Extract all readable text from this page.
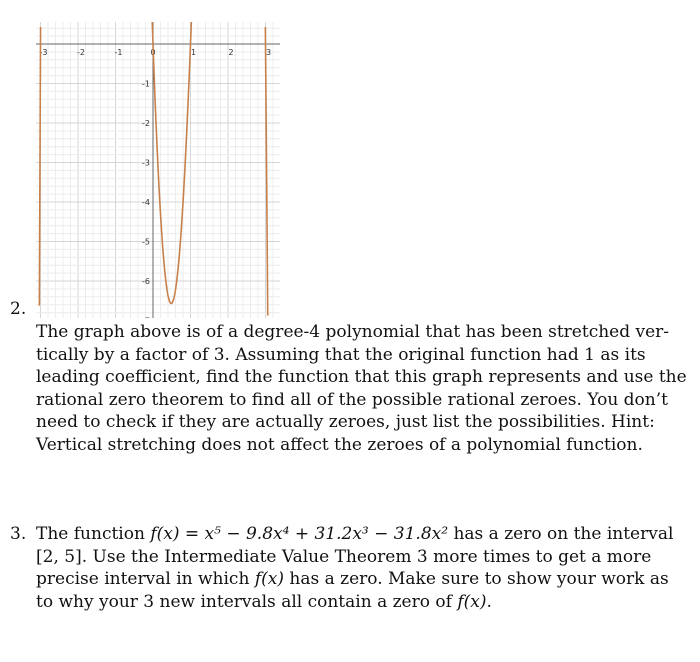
-3	-2	-1	0	1	2	3
-1
-2
-3
-4
-5
-6
2.
The graph above is of a degree-4 polynomial that has been stretched ver-
tically by a factor of 3. Assuming that the original function had 1 as its
leading coefficient, find the function that this graph represents and use the
rational zero theorem to find all of the possible rational zeroes. You don’t
need to check if they are actually zeroes, just list the possibilities. Hint:
Vertical stretching does not affect the zeroes of a polynomial function.
3. The function f(x) = x⁵ − 9.8x⁴ + 31.2x³ − 31.8x² has a zero on the interval
[2, 5]. Use the Intermediate Value Theorem 3 more times to get a more
precise interval in which f(x) has a zero. Make sure to show your work as
to why your 3 new intervals all contain a zero of f(x).
